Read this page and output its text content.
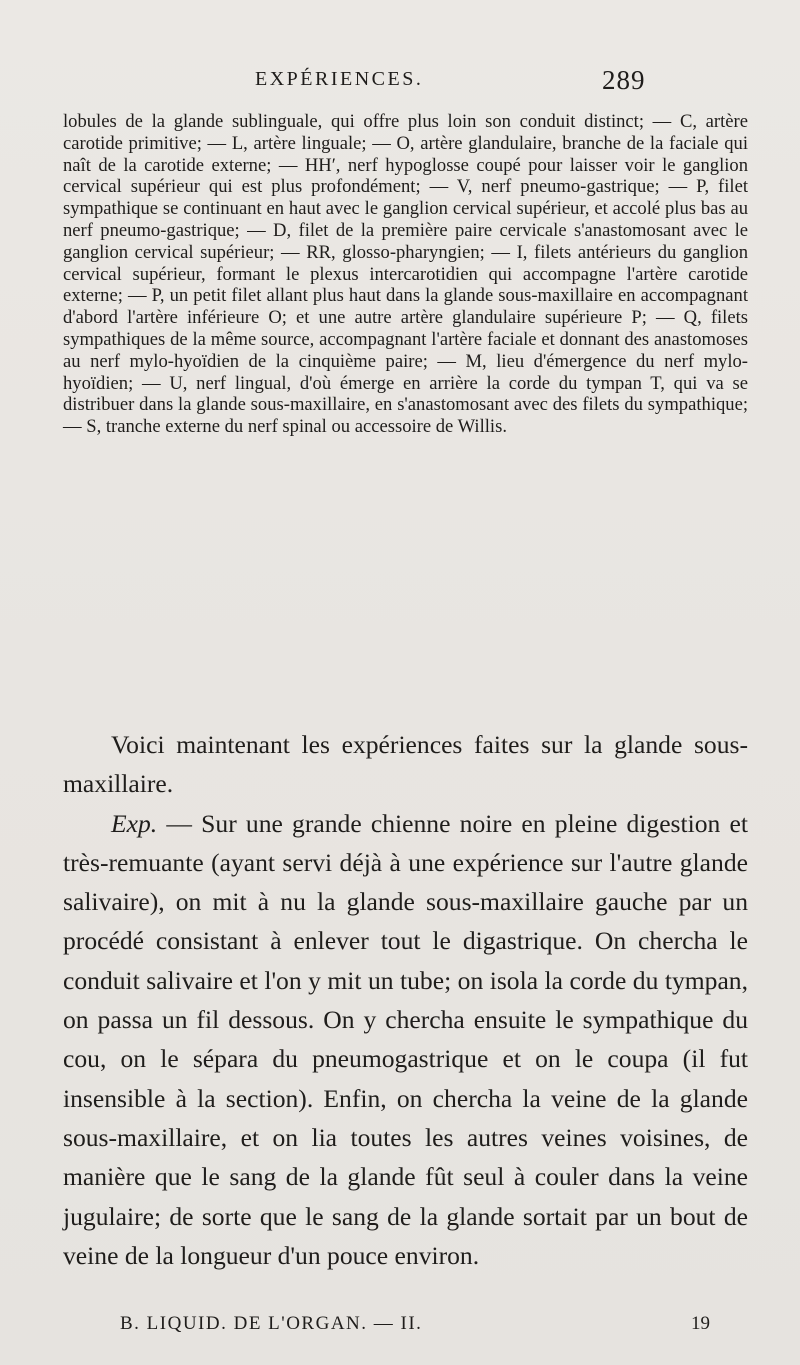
EXPÉRIENCES.	289

lobules de la glande sublinguale, qui offre plus loin son conduit distinct; — C, artère carotide primitive; — L, artère linguale; — O, artère glandulaire, branche de la faciale qui naît de la carotide externe; — HH′, nerf hypoglosse coupé pour laisser voir le ganglion cervical supérieur qui est plus profondément; — V, nerf pneumo-gastrique; — P, filet sympathique se continuant en haut avec le ganglion cervical supérieur, et accolé plus bas au nerf pneumo-gastrique; — D, filet de la première paire cervicale s'anastomosant avec le ganglion cervical supérieur; — RR, glosso-pharyngien; — I, filets antérieurs du ganglion cervical supérieur, formant le plexus intercarotidien qui accompagne l'artère carotide externe; — P, un petit filet allant plus haut dans la glande sous-maxillaire en accompagnant d'abord l'artère inférieure O; et une autre artère glandulaire supérieure P; — Q, filets sympathiques de la même source, accompagnant l'artère faciale et donnant des anastomoses au nerf mylo-hyoïdien de la cinquième paire; — M, lieu d'émergence du nerf mylo-hyoïdien; — U, nerf lingual, d'où émerge en arrière la corde du tympan T, qui va se distribuer dans la glande sous-maxillaire, en s'anastomosant avec des filets du sympathique; — S, tranche externe du nerf spinal ou accessoire de Willis.

Voici maintenant les expériences faites sur la glande sous-maxillaire.

Exp. — Sur une grande chienne noire en pleine digestion et très-remuante (ayant servi déjà à une expérience sur l'autre glande salivaire), on mit à nu la glande sous-maxillaire gauche par un procédé consistant à enlever tout le digastrique. On chercha le conduit salivaire et l'on y mit un tube; on isola la corde du tympan, on passa un fil dessous. On y chercha ensuite le sympathique du cou, on le sépara du pneumogastrique et on le coupa (il fut insensible à la section). Enfin, on chercha la veine de la glande sous-maxillaire, et on lia toutes les autres veines voisines, de manière que le sang de la glande fût seul à couler dans la veine jugulaire; de sorte que le sang de la glande sortait par un bout de veine de la longueur d'un pouce environ.

B. LIQUID. DE L'ORGAN. — II.	19
